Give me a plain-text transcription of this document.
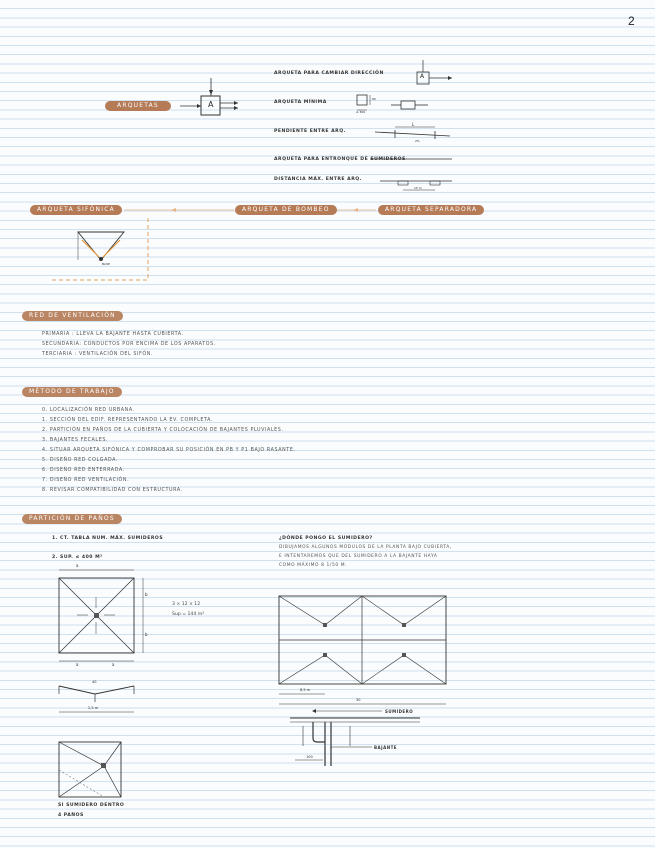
2
ARQUETAS	A
A
ARQUETA PARA CAMBIAR DIRECCIÓN
ARQUETA MÍNIMA
PENDIENTE ENTRE ARQ.
ARQUETA PARA ENTRONQUE DE SUMIDEROS
DISTANCIA MÁX. ENTRE ARQ.
≥ 300
80
L
2%
15 m
ARQUETA SIFÓNICA	ARQUETA DE BOMBEO	ARQUETA SEPARADORA
BASE
RED DE VENTILACIÓN
PRIMARIA : LLEVA LA BAJANTE HASTA CUBIERTA.
SECUNDARIA: CONDUCTOS POR ENCIMA DE LOS APARATOS.
TERCIARIA : VENTILACIÓN DEL SIFÓN.
MÉTODO DE TRABAJO
0. LOCALIZACIÓN RED URBANA.
1. SECCIÓN DEL EDIF. REPRESENTANDO LA EV. COMPLETA.
2. PARTICIÓN EN PAÑOS DE LA CUBIERTA Y COLOCACIÓN DE BAJANTES PLUVIALES.
3. BAJANTES FECALES.
4. SITUAR ARQUETA SIFÓNICA Y COMPROBAR SU POSICIÓN EN PB Y P1 BAJO RASANTE.
5. DISEÑO RED COLGADA.
6. DISEÑO RED ENTERRADA.
7. DISEÑO RED VENTILACIÓN.
8. REVISAR COMPATIBILIDAD CON ESTRUCTURA.
PARTICIÓN DE PAÑOS
1. CT. TABLA NUM. MÁX. SUMIDEROS
2. SUP. ≤ 400 M²
a
b
b
a	a
3 × 12 × 12
Sup = 144 m²
40
2,5 m
SI SUMIDERO DENTRO
4 PAÑOS
¿DÓNDE PONGO EL SUMIDERO?
DIBUJAMOS ALGUNOS MÓDULOS DE LA PLANTA BAJO CUBIERTA,
E INTENTAREMOS QUE DEL SUMIDERO A LA BAJANTE HAYA
COMO MÁXIMO 8 1/50 M.
8,5 m
30
SUMIDERO
BAJANTE
100
